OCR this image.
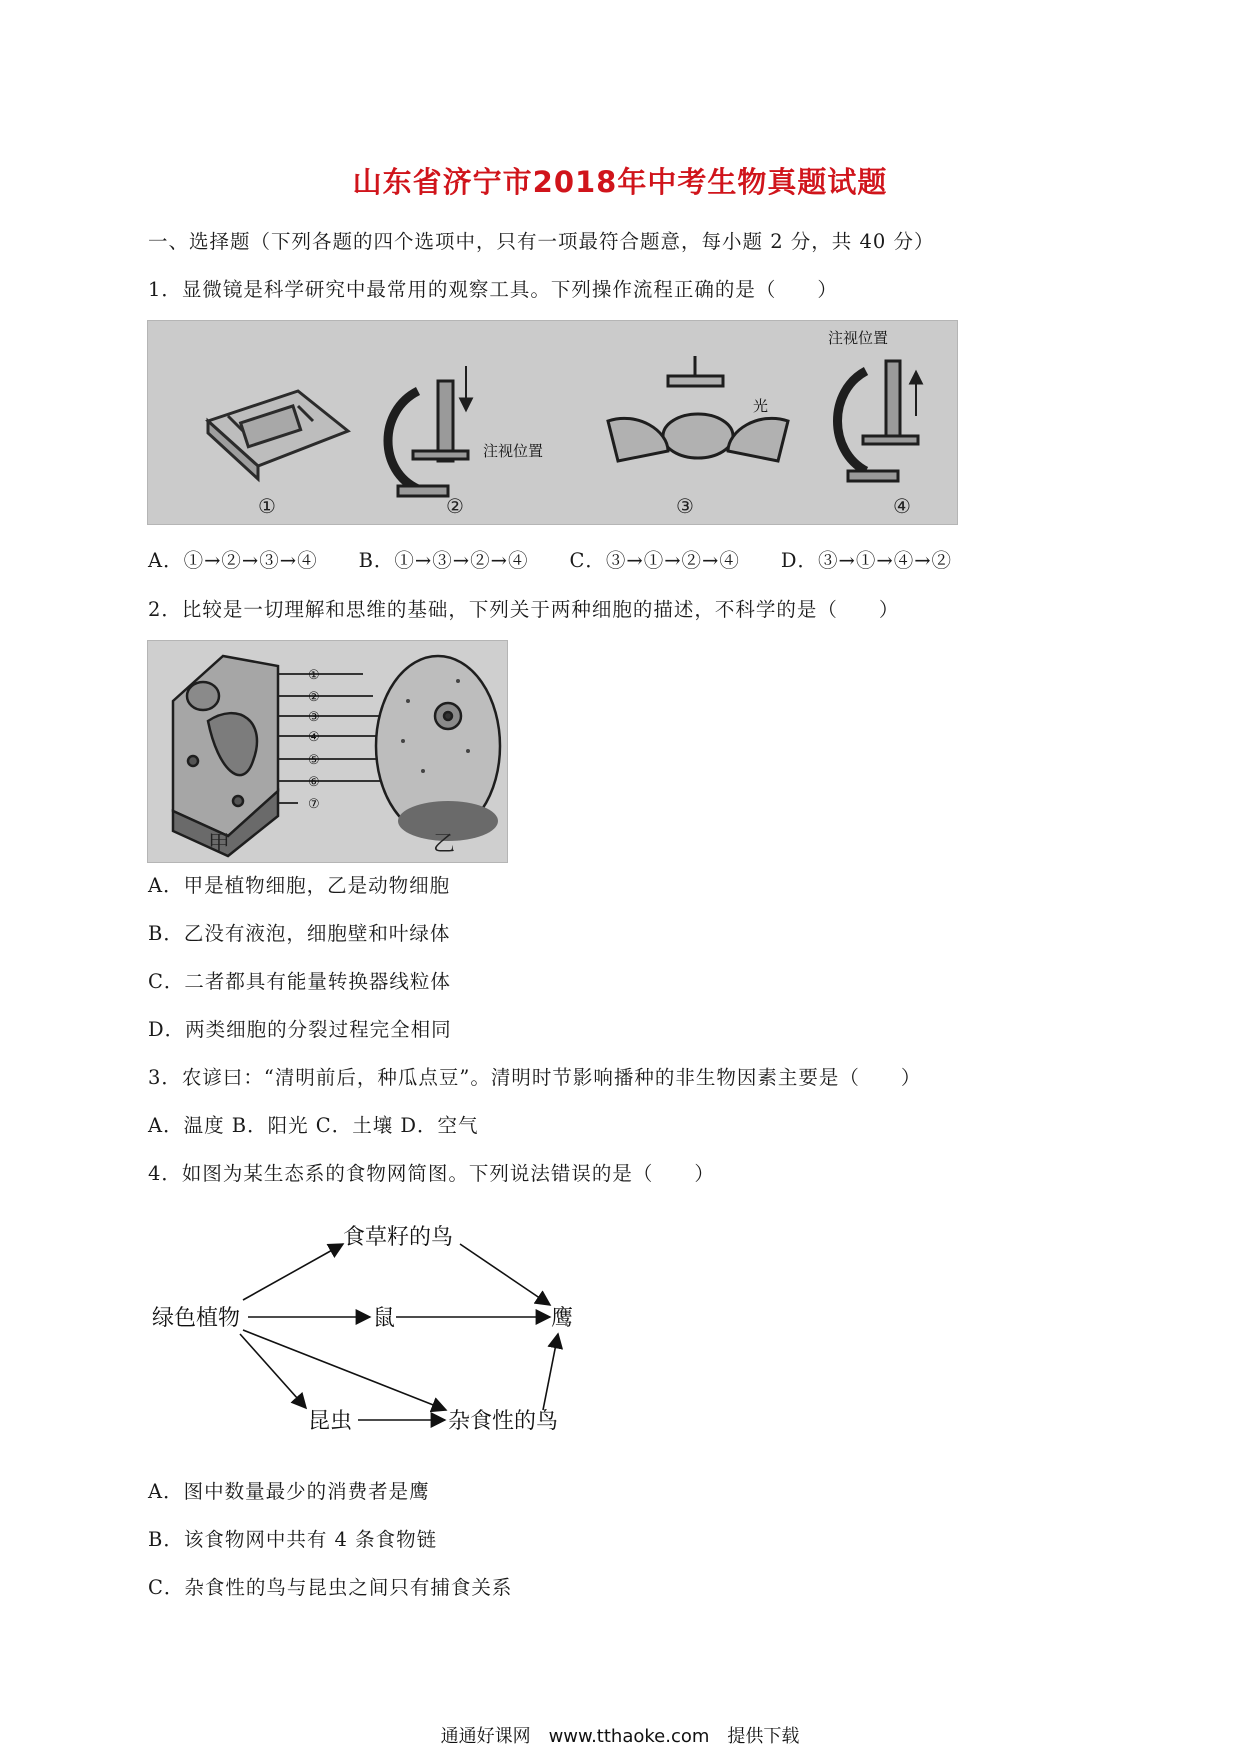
山东省济宁市2018年中考生物真题试题
一、选择题（下列各题的四个选项中，只有一项最符合题意，每小题 2 分，共 40 分）
1．显微镜是科学研究中最常用的观察工具。下列操作流程正确的是（　　）
注视位置
光
注视位置
①	②	③	④
A．①→②→③→④　　B．①→③→②→④　　C．③→①→②→④　　D．③→①→④→②
2．比较是一切理解和思维的基础，下列关于两种细胞的描述，不科学的是（　　）
①
②
③
④
⑤
⑥
⑦
甲	乙
A．甲是植物细胞，乙是动物细胞
B．乙没有液泡，细胞壁和叶绿体
C．二者都具有能量转换器线粒体
D．两类细胞的分裂过程完全相同
3．农谚曰：“清明前后，种瓜点豆”。清明时节影响播种的非生物因素主要是（　　）
A．温度 B．阳光 C．土壤 D．空气
4．如图为某生态系的食物网简图。下列说法错误的是（　　）
食草籽的鸟
绿色植物	鼠	鹰
昆虫	杂食性的鸟
A．图中数量最少的消费者是鹰
B．该食物网中共有 4 条食物链
C．杂食性的鸟与昆虫之间只有捕食关系
通通好课网　www.tthaoke.com　提供下载
